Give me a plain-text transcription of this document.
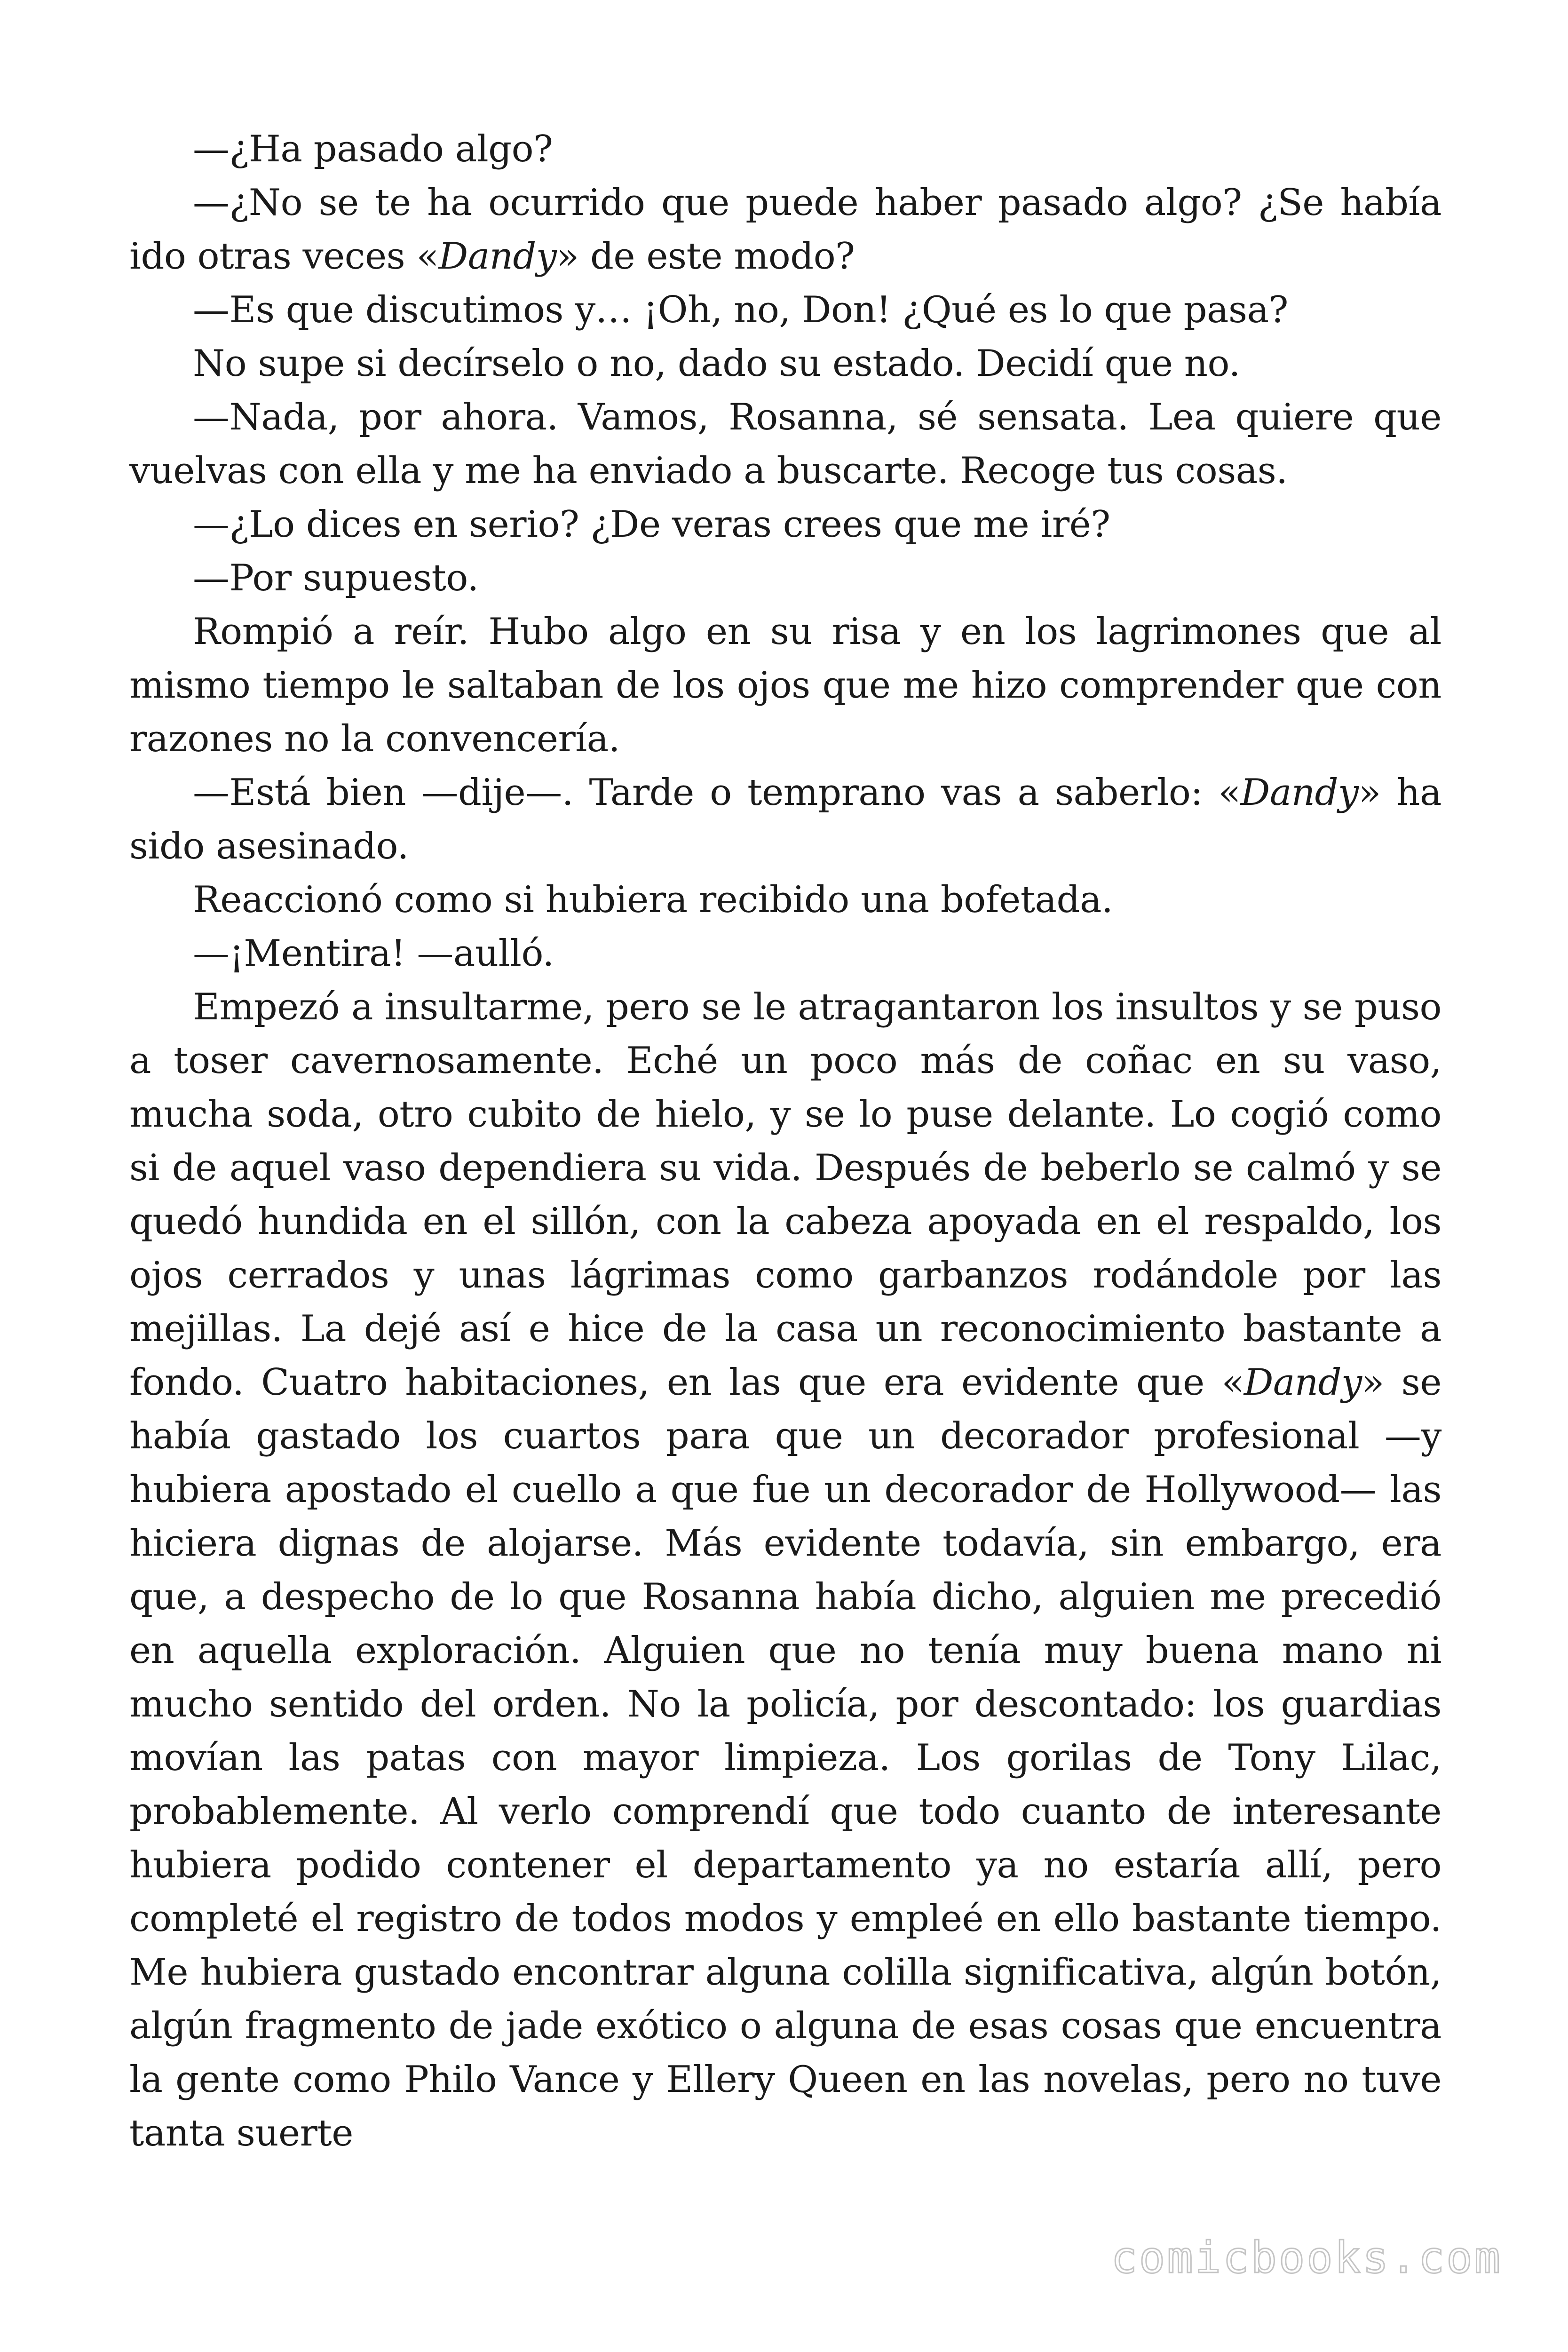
—¿Ha pasado algo?

—¿No se te ha ocurrido que puede haber pasado algo? ¿Se había ido otras veces «Dandy» de este modo?

—Es que discutimos y… ¡Oh, no, Don! ¿Qué es lo que pasa?

No supe si decírselo o no, dado su estado. Decidí que no.

—Nada, por ahora. Vamos, Rosanna, sé sensata. Lea quiere que vuelvas con ella y me ha enviado a buscarte. Recoge tus cosas.

—¿Lo dices en serio? ¿De veras crees que me iré?

—Por supuesto.

Rompió a reír. Hubo algo en su risa y en los lagrimones que al mismo tiempo le saltaban de los ojos que me hizo comprender que con razones no la convencería.

—Está bien —dije—. Tarde o temprano vas a saberlo: «Dandy» ha sido asesinado.

Reaccionó como si hubiera recibido una bofetada.

—¡Mentira! —aulló.

Empezó a insultarme, pero se le atragantaron los insultos y se puso a toser cavernosamente. Eché un poco más de coñac en su vaso, mucha soda, otro cubito de hielo, y se lo puse delante. Lo cogió como si de aquel vaso dependiera su vida. Después de beberlo se calmó y se quedó hundida en el sillón, con la cabeza apoyada en el respaldo, los ojos cerrados y unas lágrimas como garbanzos rodándole por las mejillas. La dejé así e hice de la casa un reconocimiento bastante a fondo. Cuatro habitaciones, en las que era evidente que «Dandy» se había gastado los cuartos para que un decorador profesional —y hubiera apostado el cuello a que fue un decorador de Hollywood— las hiciera dignas de alojarse. Más evidente todavía, sin embargo, era que, a despecho de lo que Rosanna había dicho, alguien me precedió en aquella exploración. Alguien que no tenía muy buena mano ni mucho sentido del orden. No la policía, por descontado: los guardias movían las patas con mayor limpieza. Los gorilas de Tony Lilac, probablemente. Al verlo comprendí que todo cuanto de interesante hubiera podido contener el departamento ya no estaría allí, pero completé el registro de todos modos y empleé en ello bastante tiempo. Me hubiera gustado encontrar alguna colilla significativa, algún botón, algún fragmento de jade exótico o alguna de esas cosas que encuentra la gente como Philo Vance y Ellery Queen en las novelas, pero no tuve tanta suerte

comicbooks.com
